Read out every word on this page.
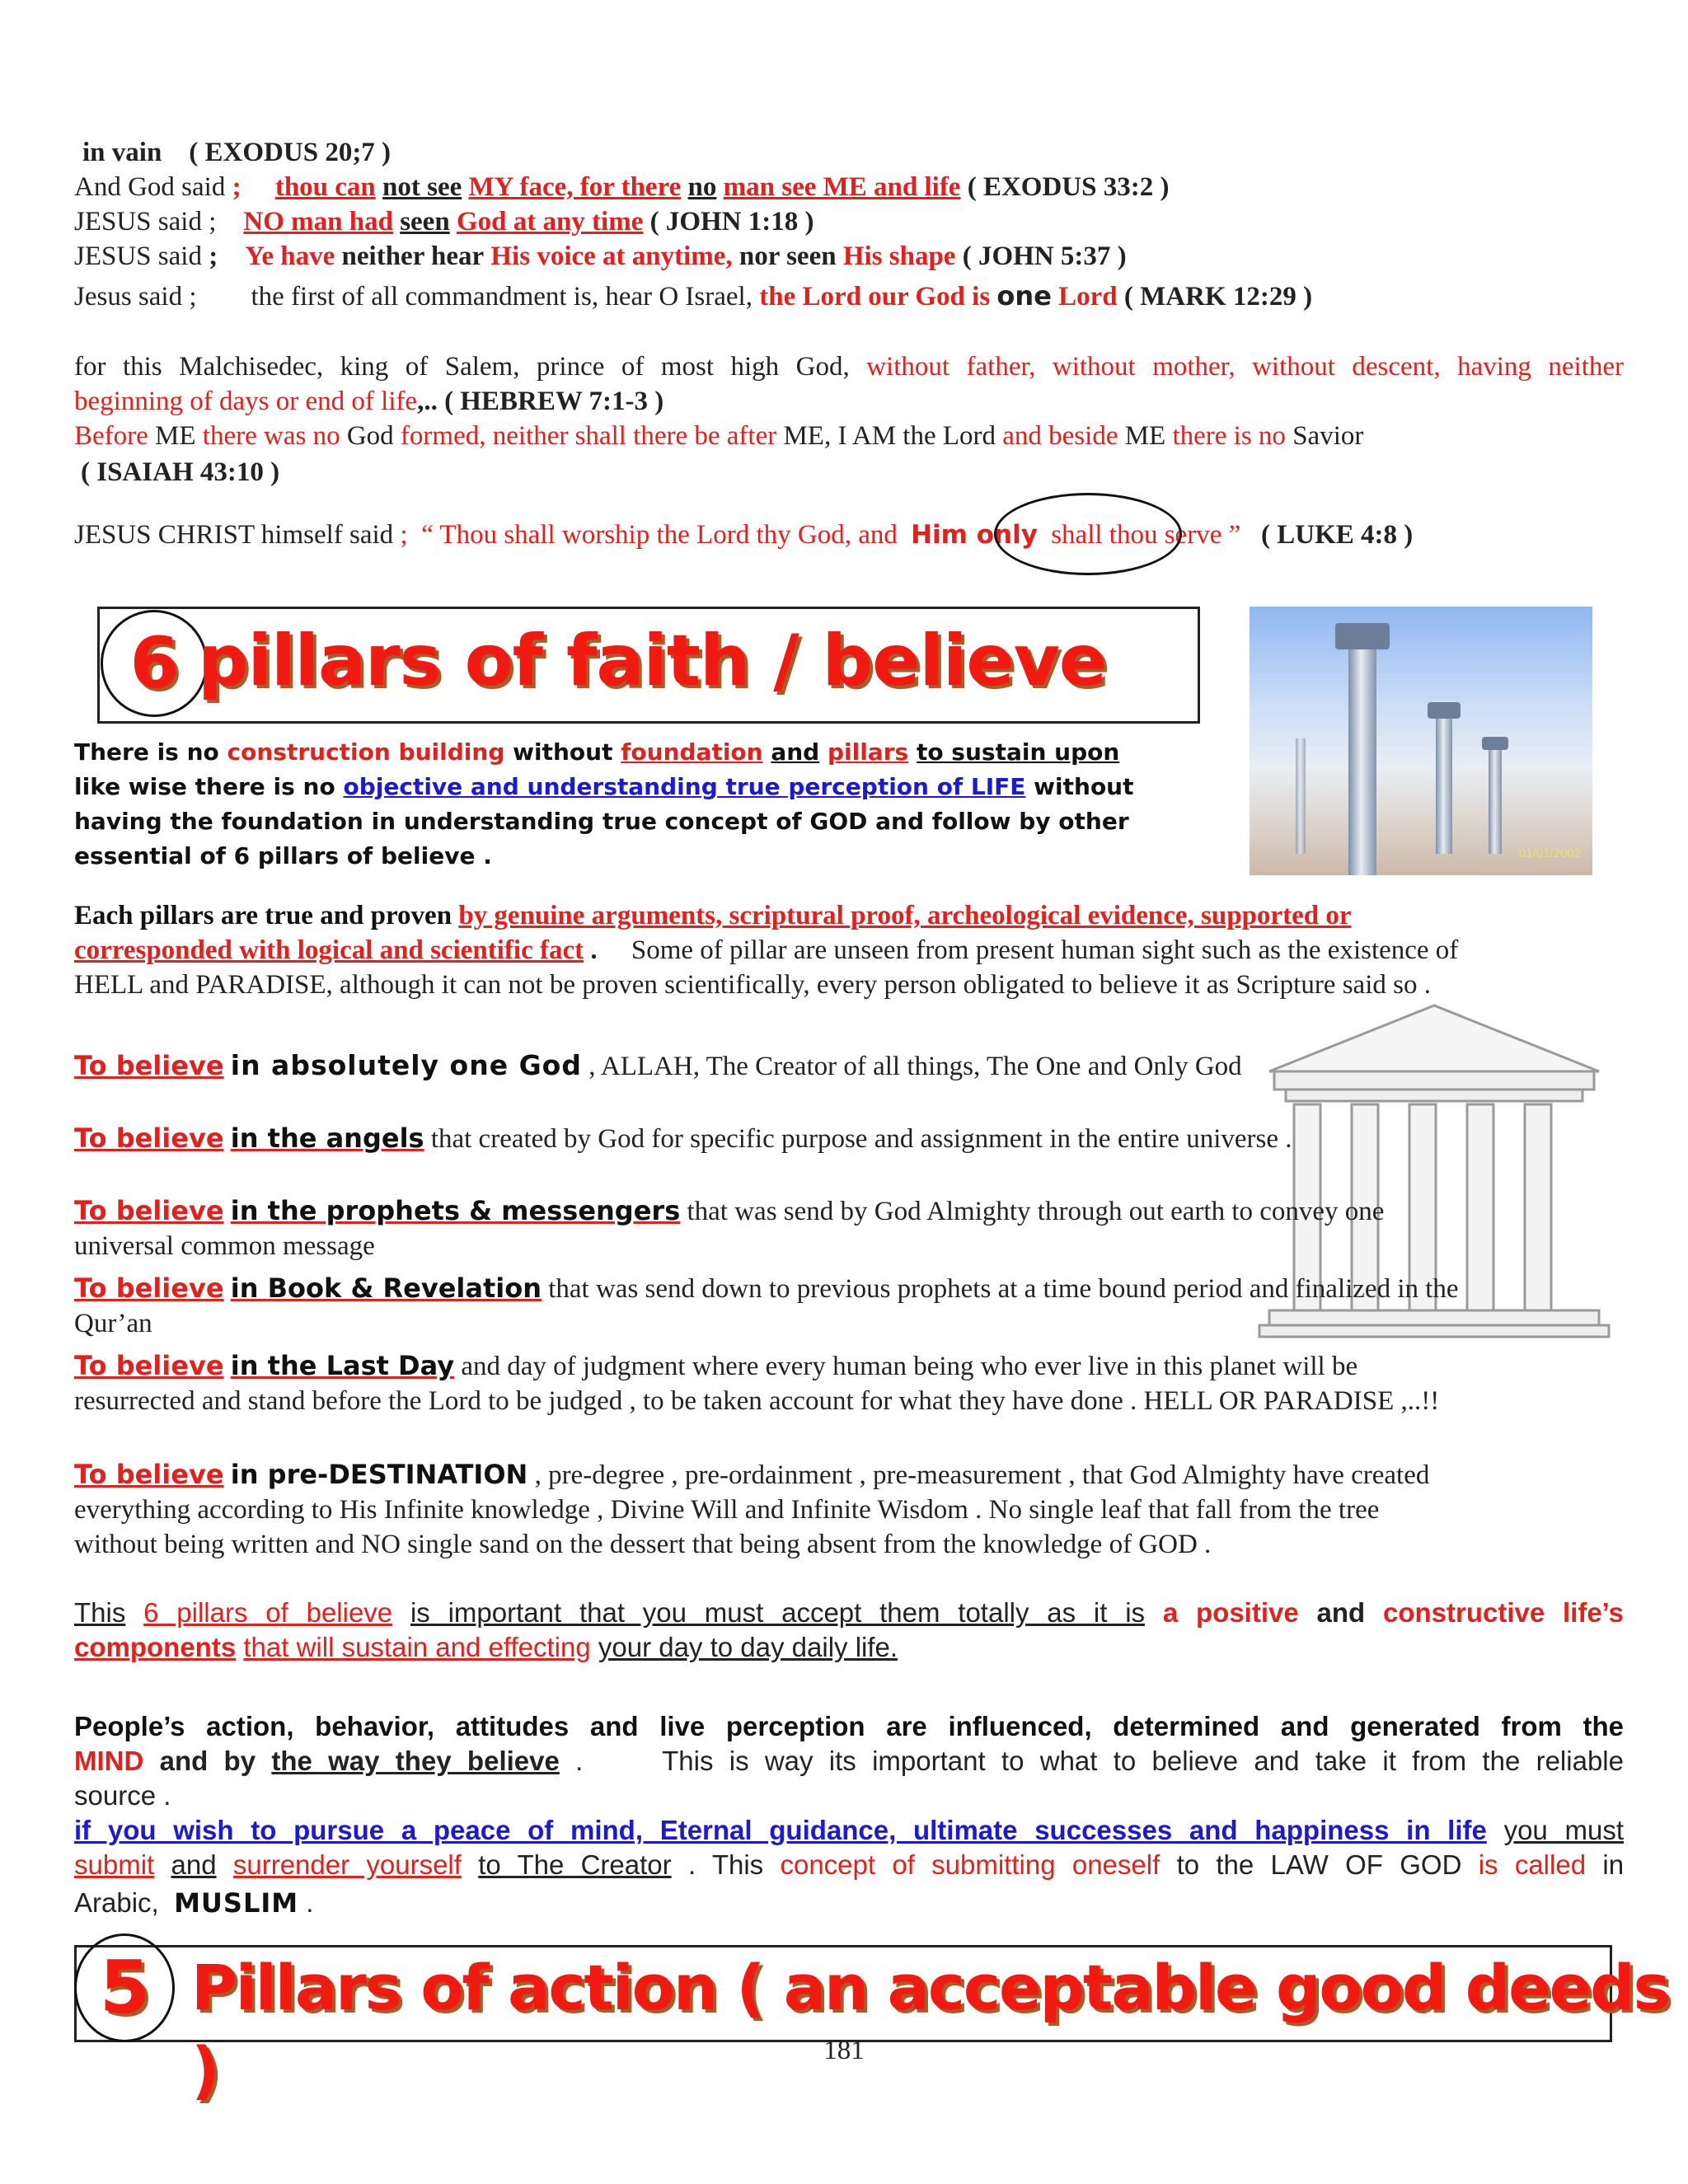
in vain ( EXODUS 20;7 )
And God said ; thou can not see MY face, for there no man see ME and life ( EXODUS 33:2 )
JESUS said ; NO man had seen God at any time ( JOHN 1:18 )
JESUS said ; Ye have neither hear His voice at anytime, nor seen His shape ( JOHN 5:37 )
Jesus said ; the first of all commandment is, hear O Israel, the Lord our God is one Lord ( MARK 12:29 )
for this Malchisedec, king of Salem, prince of most high God, without father, without mother, without descent, having neither
beginning of days or end of life,.. ( HEBREW 7:1-3 )
Before ME there was no God formed, neither shall there be after ME, I AM the Lord and beside ME there is no Savior
( ISAIAH 43:10 )
JESUS CHRIST himself said ; “ Thou shall worship the Lord thy God, and Him only shall thou serve ” ( LUKE 4:8 )
6 pillars of faith / believe
01/01/2002
There is no construction building without foundation and pillars to sustain upon
like wise there is no objective and understanding true perception of LIFE without
having the foundation in understanding true concept of GOD and follow by other
essential of 6 pillars of believe .
Each pillars are true and proven by genuine arguments, scriptural proof, archeological evidence, supported or
corresponded with logical and scientific fact . Some of pillar are unseen from present human sight such as the existence of
HELL and PARADISE, although it can not be proven scientifically, every person obligated to believe it as Scripture said so .
To believe in absolutely one God , ALLAH, The Creator of all things, The One and Only God
To believe in the angels that created by God for specific purpose and assignment in the entire universe .
To believe in the prophets & messengers that was send by God Almighty through out earth to convey one
universal common message
To believe in Book & Revelation that was send down to previous prophets at a time bound period and finalized in the
Qur’an
To believe in the Last Day and day of judgment where every human being who ever live in this planet will be
resurrected and stand before the Lord to be judged , to be taken account for what they have done . HELL OR PARADISE ,..!!
To believe in pre-DESTINATION , pre-degree , pre-ordainment , pre-measurement , that God Almighty have created
everything according to His Infinite knowledge , Divine Will and Infinite Wisdom . No single leaf that fall from the tree
without being written and NO single sand on the dessert that being absent from the knowledge of GOD .
This 6 pillars of believe is important that you must accept them totally as it is a positive and constructive life’s
components that will sustain and effecting your day to day daily life.
People’s action, behavior, attitudes and live perception are influenced, determined and generated from the
MIND and by the way they believe .	This is way its important to what to believe and take it from the reliable
source .
if you wish to pursue a peace of mind, Eternal guidance, ultimate successes and happiness in life you must
submit and surrender yourself to The Creator . This concept of submitting oneself to the LAW OF GOD is called in
Arabic, MUSLIM .
5 Pillars of action ( an acceptable good deeds )	181
